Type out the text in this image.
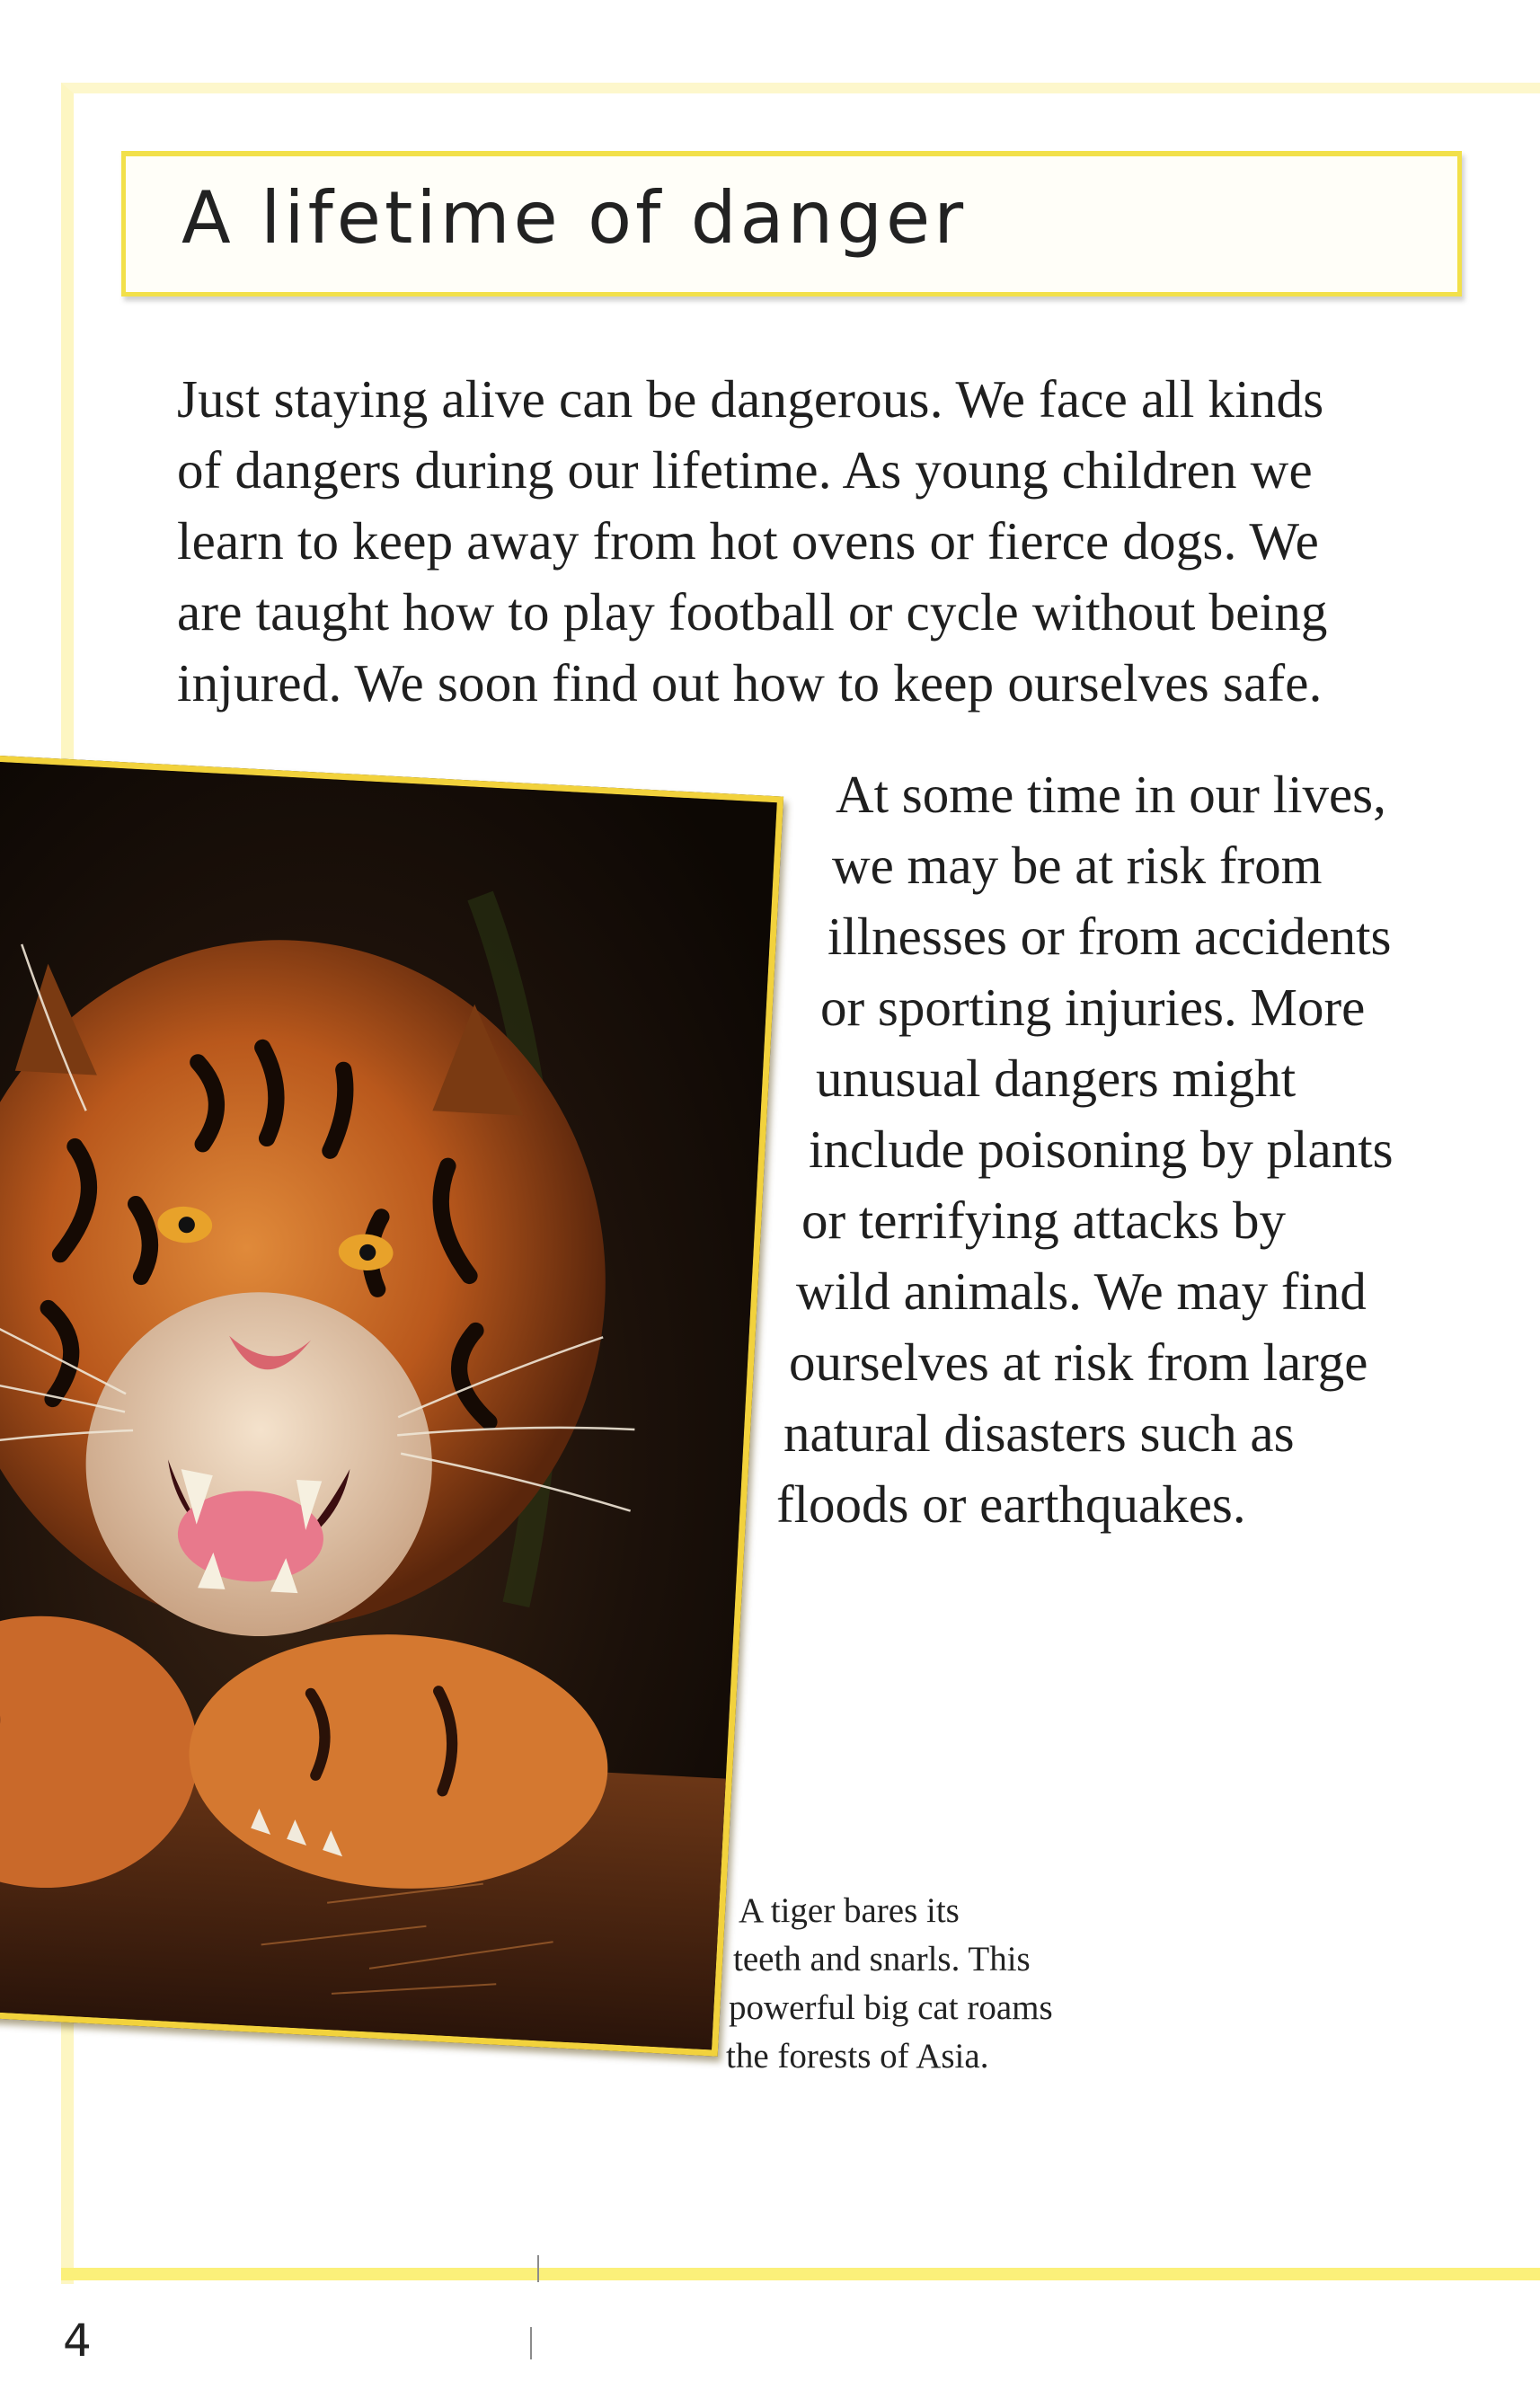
A lifetime of danger
Just staying alive can be dangerous. We face all kinds
of dangers during our lifetime. As young children we
learn to keep away from hot ovens or fierce dogs. We
are taught how to play football or cycle without being
injured. We soon find out how to keep ourselves safe.
At some time in our lives,
we may be at risk from
illnesses or from accidents
or sporting injuries. More
unusual dangers might
include poisoning by plants
or terrifying attacks by
wild animals. We may find
ourselves at risk from large
natural disasters such as
floods or earthquakes.
A tiger bares its
teeth and snarls. This
powerful big cat roams
the forests of Asia.
4
